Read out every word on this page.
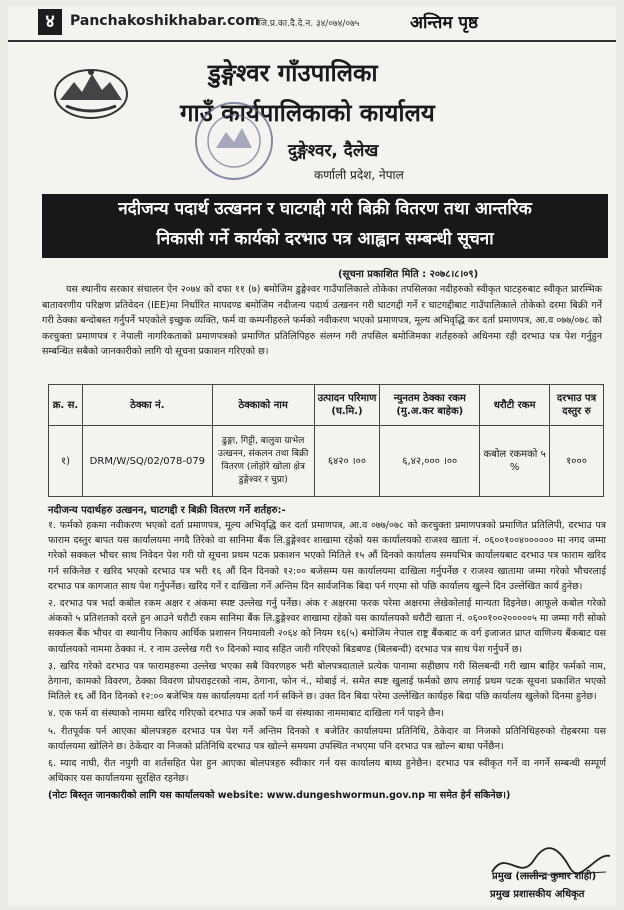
४	Panchakoshikhabar.com
जि.प्र.का.दै.दे.न. ३४/०७४/०७५	अन्तिम पृष्ठ
डुङ्गेश्वर गाँउपालिका
गाउँ कार्यपालिकाको कार्यालय
दुङ्गेश्वर, दैलेख
कर्णाली प्रदेश, नेपाल
नदीजन्य पदार्थ उत्खनन र घाटगद्दी गरी बिक्री वितरण तथा आन्तरिक
निकासी गर्ने कार्यको दरभाउ पत्र आह्वान सम्बन्धी सूचना
(सूचना प्रकाशित मिति : २०७८।८।०९)
यस स्थानीय सरकार संचालन ऐन २०७४ को दफा ११ (७) बमोजिम डुङ्गेश्वर गाउँपालिकाले तोकेका तपसिलका नदीहरुको स्वीकृत घाटहरुबाट स्वीकृत प्रारम्भिक बातावरणीय परिक्षण प्रतिवेदन (IEE)मा निर्धारित मापदण्ड बमोजिम नदीजन्य पदार्थ उत्खनन गरी घाटगद्दी गर्ने र घाटगद्दीबाट गाउँपालिकाले तोकेको दरमा बिक्री गर्ने गरी ठेक्का बन्दोबस्त गर्नुपर्ने भएकोले इच्छुक व्यक्ति, फर्म वा कम्पनीहरुले फर्मको नवीकरण भएको प्रमाणपत्र, मूल्य अभिवृद्धि कर दर्ता प्रमाणपत्र, आ.व ०७७/०७८ को करचुक्ता प्रमाणपत्र र नेपाली नागरिकताको प्रमाणपत्रको प्रमाणित प्रतिलिपिहरु संलग्न गरी तपसिल बमोजिमका शर्तहरुको अधिनमा रही दरभाउ पत्र पेश गर्नुहुन सम्बन्धित सबैको जानकारीको लागि यो सूचना प्रकाशन गरिएको छ।
क्र. स.	ठेक्का नं.	ठेक्काको नाम	उत्पादन परिमाण (घ.मि.)	न्युनतम ठेक्का रकम (मु.अ.कर बाहेक)	धरौटी रकम	दरभाउ पत्र दस्तुर रु
१)	DRM/W/SQ/02/078-079	ढुङ्गा, गिट्टी, बालुवा ग्राभेल उत्खनन, संकलन तथा बिक्री वितरण (लोहोरे खोला क्षेत्र डुङ्गेश्वर र चुप्रा)	६४२० ।००	६,४२,००० ।००	कबोल रकमको ५ %	१०००
नदीजन्य पदार्थहरु उत्खनन, घाटगद्दी र बिक्री वितरण गर्ने शर्तहरु:-

१. फर्मको हकमा नवीकरण भएको दर्ता प्रमाणपत्र, मूल्य अभिवृद्धि कर दर्ता प्रमाणपत्र, आ.व ०७७/०७८ को करचुक्ता प्रमाणपत्रको प्रमाणित प्रतिलिपी, दरभाउ पत्र फाराम दस्तुर बापत यस कार्यालयमा नगदै तिरेको वा सानिमा बैंक लि.डुङ्गेश्वर शाखामा रहेको यस कार्यालयको राजश्व खाता नं. ०६००१००४०००००० मा नगद जम्मा गरेको सक्कल भौचर साथ निवेदन पेश गरी यो सूचना प्रथम पटक प्रकाशन भएको मितिले १५ औं दिनको कार्यालय समयभित्र कार्यालयबाट दरभाउ पत्र फाराम खरिद गर्न सकिनेछ र खरिद भएको दरभाउ पत्र भरी १६ औं दिन दिनको १२:०० बजेसम्म यस कार्यालयमा दाखिला गर्नुपर्नेछ र राजश्व खातामा जम्मा गरेको भौचरलाई दरभाउ पत्र कागजात साथ पेश गर्नुपर्नेछ। खरिद गर्ने र दाखिला गर्ने अन्तिम दिन सार्वजनिक बिदा पर्न गएमा सो पछि कार्यालय खुल्ने दिन उल्लेखित कार्य हुनेछ।

२. दरभाउ पत्र भर्दा कबोल रकम अक्षर र अंकमा स्पष्ट उल्लेख गर्नु पर्नेछ। अंक र अक्षरमा फरक परेमा अक्षरमा लेखेकोलाई मान्यता दिइनेछ। आफूले कबोल गरेको अंकको ५ प्रतिशतको दरले हुन आउने धरौटी रकम सानिमा बैंक लि.डुङ्गेश्वर शाखामा रहेको यस कार्यालयको धरौटी खाता नं. ०६००१००२०००००५ मा जम्मा गरी सोको सक्कल बैंक भौचर वा स्थानीय निकाय आर्थिक प्रशासन नियमावली २०६४ को नियम १६(५) बमोजिम नेपाल राष्ट्र बैंकबाट क वर्ग इजाजत प्राप्त वाणिज्य बैंकबाट यस कार्यालयको नाममा ठेक्का नं. र नाम उल्लेख गरी ९० दिनको म्याद सहित जारी गरिएको बिडबण्ड (बिलबन्दी) दरभाउ पत्र साथ पेश गर्नुपर्ने छ।

३. खरिद गरेको दरभाउ पत्र फारामहरुमा उल्लेख भएका सबै विवरणहरु भरी बोलपत्रदाताले प्रत्येक पानामा सहीछाप गरी सिलबन्दी गरी खाम बाहिर फर्मको नाम, ठेगाना, कामको विवरण, ठेक्का विवरण प्रोपराइटरको नाम, ठेगाना, फोन नं., मोबाई नं. समेत स्पष्ट खुलाई फर्मको छाप लगाई प्रथम पटक सूचना प्रकाशित भएको मितिले १६ औं दिन दिनको १२:०० बजेभित्र यस कार्यालयमा दर्ता गर्न सकिने छ। उक्त दिन बिदा परेमा उल्लेखित कार्यहरु बिदा पछि कार्यालय खुलेको दिनमा हुनेछ।

४. एक फर्म वा संस्थाको नाममा खरिद गरिएको दरभाउ पत्र अर्को फर्म वा संस्थाका नाममाबाट दाखिला गर्न पाइने छैन।

५. रीतपूर्वक पर्न आएका बोलपत्रहरु दरभाउ पत्र पेश गर्ने अन्तिम दिनको १ बजेतिर कार्यालयमा प्रतिनिधि, ठेकेदार वा निजको प्रतिनिधिहरुको रोहबरमा यस कार्यालयमा खोलिने छ। ठेकेदार वा निजको प्रतिनिधि दरभाउ पत्र खोल्ने समयमा उपस्थित नभएमा पनि दरभाउ पत्र खोल्न बाधा पर्नेछैन।

६. म्याद नाघी, रीत नपुगी वा शर्तसहित पेश हुन आएका बोलपत्रहरु स्वीकार गर्न यस कार्यालय बाध्य हुनेछैन। दरभाउ पत्र स्वीकृत गर्ने वा नगर्ने सम्बन्धी सम्पूर्ण अधिकार यस कार्यालयमा सुरक्षित रहनेछ।

(नोटः बिस्तृत जानकारीको लागि यस कार्यालयको website: www.dungeshwormun.gov.np मा समेत हेर्न सकिनेछ।)

प्रमुख (लालीन्द्र कुमार शाही)
प्रमुख प्रशासकीय अधिकृत
